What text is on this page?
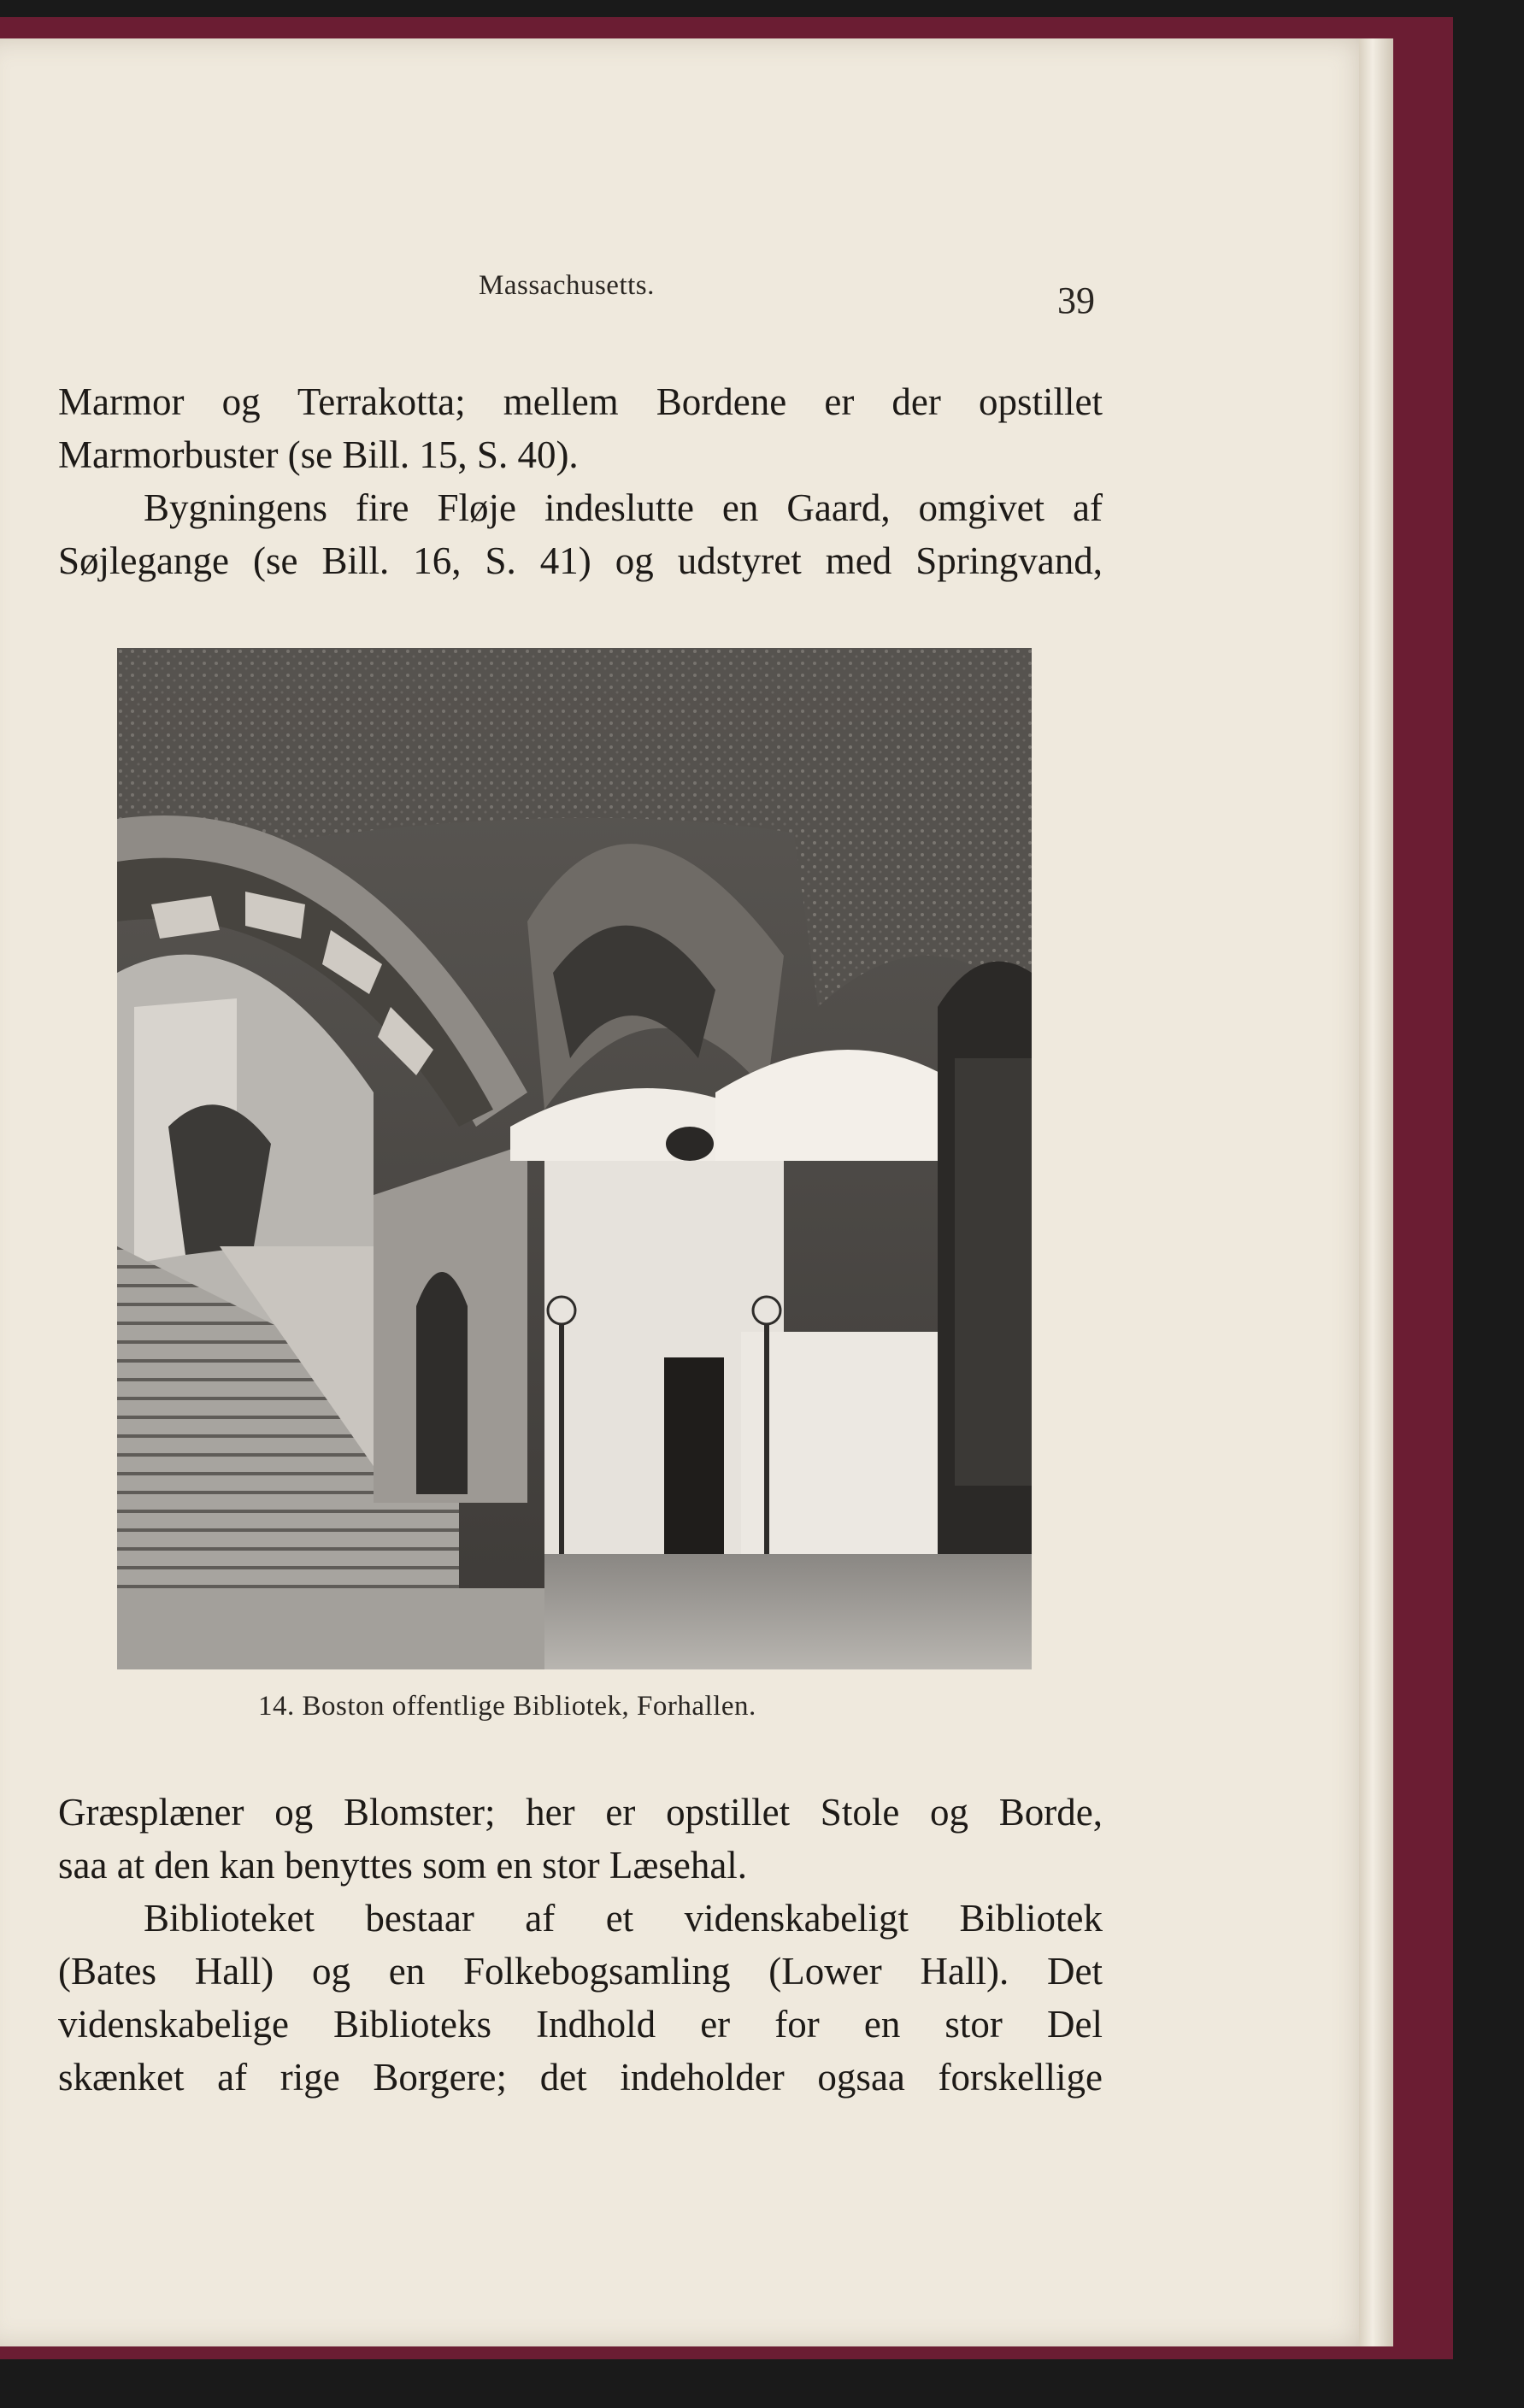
Massachusetts.	39
Marmor og Terrakotta; mellem Bordene er der opstillet
Marmorbuster (se Bill. 15, S. 40).
Bygningens fire Fløje indeslutte en Gaard, omgivet af
Søjlegange (se Bill. 16, S. 41) og udstyret med Springvand,
14. Boston offentlige Bibliotek, Forhallen.
Græsplæner og Blomster; her er opstillet Stole og Borde,
saa at den kan benyttes som en stor Læsehal.
Biblioteket bestaar af et videnskabeligt Bibliotek
(Bates Hall) og en Folkebogsamling (Lower Hall). Det
videnskabelige Biblioteks Indhold er for en stor Del
skænket af rige Borgere; det indeholder ogsaa forskellige
